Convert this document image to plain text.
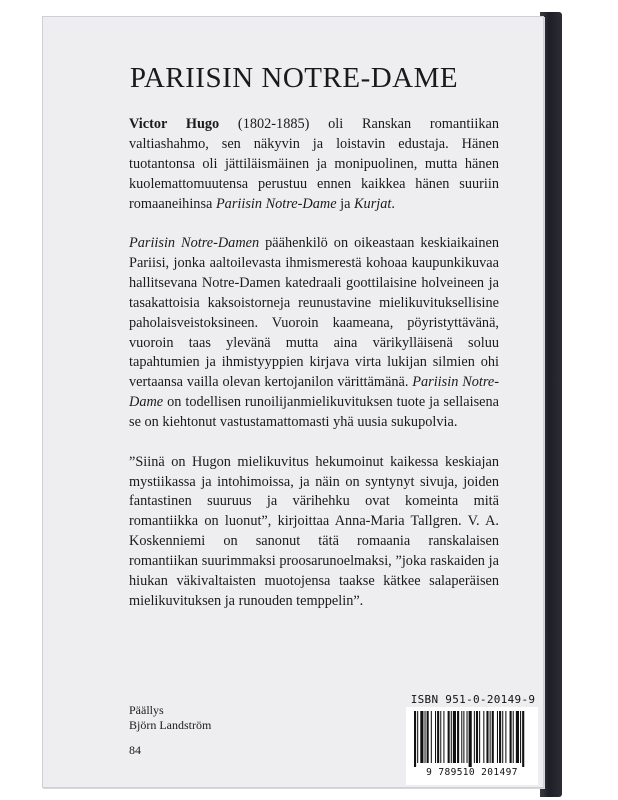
PARIISIN NOTRE-DAME

Victor Hugo (1802-1885) oli Ranskan romantiikan valtiashahmo, sen näkyvin ja loistavin edustaja. Hänen tuotantonsa oli jättiläismäinen ja monipuolinen, mutta hänen kuolemattomuutensa perustuu ennen kaikkea hänen suuriin romaaneihinsa Pariisin Notre-Dame ja Kurjat.

Pariisin Notre-Damen päähenkilö on oikeastaan keskiaikainen Pariisi, jonka aaltoilevasta ihmismerestä kohoaa kaupunkikuvaa hallitsevana Notre-Damen katedraali goottilaisine holveineen ja tasakattoisia kaksoistorneja reunustavine mielikuvituksellisine paholaisveistoksineen. Vuoroin kaameana, pöyristyttävänä, vuoroin taas ylevänä mutta aina värikylläisenä soluu tapahtumien ja ihmistyyppien kirjava virta lukijan silmien ohi vertaansa vailla olevan kertojanilon värittämänä. Pariisin Notre-Dame on todellisen runoilijanmielikuvituksen tuote ja sellaisena se on kiehtonut vastustamattomasti yhä uusia sukupolvia.

”Siinä on Hugon mielikuvitus hekumoinut kaikessa keskiajan mystiikassa ja intohimoissa, ja näin on syntynyt sivuja, joiden fantastinen suuruus ja värihehku ovat komeinta mitä romantiikka on luonut”, kirjoittaa Anna-Maria Tallgren. V. A. Koskenniemi on sanonut tätä romaania ranskalaisen romantiikan suurimmaksi proosarunoelmaksi, ”joka raskaiden ja hiukan väkivaltaisten muotojensa taakse kätkee salaperäisen mielikuvituksen ja runouden temppelin”.

Päällys
Björn Landström
84
ISBN 951-0-20149-9
9 789510 201497
